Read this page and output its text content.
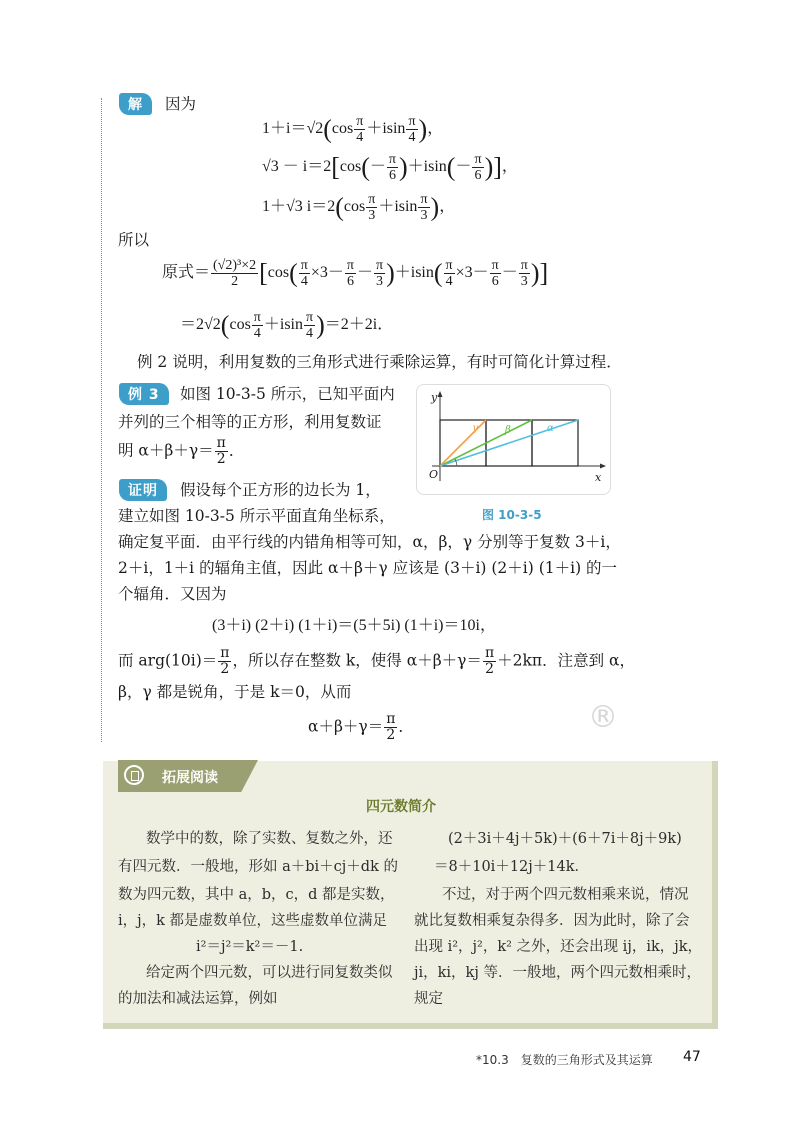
解	因为
$1+i=√2(\cos \frac{\pi}{4} +isin \frac{\pi}{4}$ )，
$√3 - i=2[\cos(- \frac{\pi}{6} )+isin(- \frac{\pi}{6}$ )]，
1＋√3 $i=2(\cos \frac{\pi}{3} +isin \frac{\pi}{3}$ )，
所以
原式＝ $\frac{\text{(√2)³×2}}{2} [\cos( \frac{\pi}{4} \times 3- \frac{\pi}{6} - \frac{\pi}{3} )+isin( \frac{\pi}{4} \times 3- \frac{\pi}{6} - \frac{\pi}{3}$ )]
$=2√2(\cos \frac{\pi}{4} +isin \frac{\pi}{4} )=2+2i$．
例 2 说明，利用复数的三角形式进行乘除运算，有时可简化计算过程．
例 3	如图 10-3-5 所示，已知平面内
并列的三个相等的正方形，利用复数证
明 $\alpha+\beta+\gamma= \frac{\pi}{2}$ ．
证明	假设每个正方形的边长为 1，
建立如图 10-3-5 所示平面直角坐标系，
确定复平面．由平行线的内错角相等可知，α，β，γ 分别等于复数 3＋i，
2＋i，1＋i 的辐角主值，因此 α＋β＋γ 应该是 (3＋i) (2＋i) (1＋i) 的一
个辐角．又因为
(3＋i) (2＋i) (1＋i)＝(5＋5i) (1＋i)＝10i，
而 $arg(10i)= \frac{\pi}{2}$ ，所以存在整数 k，使得 $\alpha+\beta+\gamma= \frac{\pi}{2} +2k\pi$．注意到 α，
β，γ 都是锐角，于是 k＝0，从而
$\alpha+\beta+\gamma= \frac{\pi}{2}$ ．	®
O	x
y
γ	β	α
图 10-3-5
拓展阅读
四元数简介
数学中的数，除了实数、复数之外，还
有四元数．一般地，形如 a＋bi＋cj＋dk 的
数为四元数，其中 a，b，c，d 都是实数，
i，j，k 都是虚数单位，这些虚数单位满足
i²＝j²＝k²＝－1.
给定两个四元数，可以进行同复数类似
的加法和减法运算，例如
(2＋3i＋4j＋5k)＋(6＋7i＋8j＋9k)
＝8＋10i＋12j＋14k．
不过，对于两个四元数相乘来说，情况
就比复数相乘复杂得多．因为此时，除了会
出现 i²，j²，k² 之外，还会出现 ij，ik，jk，
ji，ki，kj 等．一般地，两个四元数相乘时，
规定
*10.3　复数的三角形式及其运算 47
